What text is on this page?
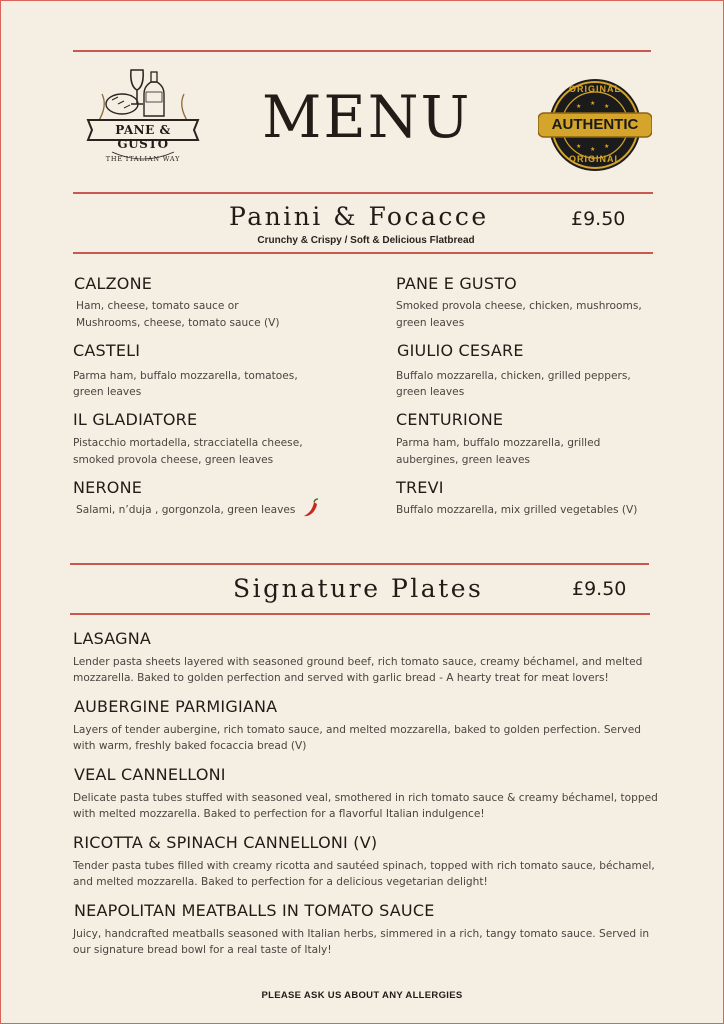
PANE & GUSTO
THE ITALIAN WAY
MENU	★ ★ ★
★ ★ ★
ORIGINAL
AUTHENTIC
ORIGINAL
Panini & Focacce	£9.50
Crunchy & Crispy / Soft & Delicious Flatbread
CALZONE
Ham, cheese, tomato sauce or
Mushrooms, cheese, tomato sauce (V)
CASTELI
Parma ham, buffalo mozzarella, tomatoes,
green leaves
IL GLADIATORE
Pistacchio mortadella, stracciatella cheese,
smoked provola cheese, green leaves
NERONE
Salami, n’duja , gorgonzola, green leaves
PANE E GUSTO
Smoked provola cheese, chicken, mushrooms,
green leaves
GIULIO CESARE
Buffalo mozzarella, chicken, grilled peppers,
green leaves
CENTURIONE
Parma ham, buffalo mozzarella, grilled
aubergines, green leaves
TREVI
Buffalo mozzarella, mix grilled vegetables (V)
Signature Plates	£9.50
LASAGNA
Lender pasta sheets layered with seasoned ground beef, rich tomato sauce, creamy béchamel, and melted
mozzarella. Baked to golden perfection and served with garlic bread - A hearty treat for meat lovers!
AUBERGINE PARMIGIANA
Layers of tender aubergine, rich tomato sauce, and melted mozzarella, baked to golden perfection. Served
with warm, freshly baked focaccia bread (V)
VEAL CANNELLONI
Delicate pasta tubes stuffed with seasoned veal, smothered in rich tomato sauce & creamy béchamel, topped
with melted mozzarella. Baked to perfection for a flavorful Italian indulgence!
RICOTTA & SPINACH CANNELLONI (V)
Tender pasta tubes filled with creamy ricotta and sautéed spinach, topped with rich tomato sauce, béchamel,
and melted mozzarella. Baked to perfection for a delicious vegetarian delight!
NEAPOLITAN MEATBALLS IN TOMATO SAUCE
Juicy, handcrafted meatballs seasoned with Italian herbs, simmered in a rich, tangy tomato sauce. Served in
our signature bread bowl for a real taste of Italy!
PLEASE ASK US ABOUT ANY ALLERGIES
